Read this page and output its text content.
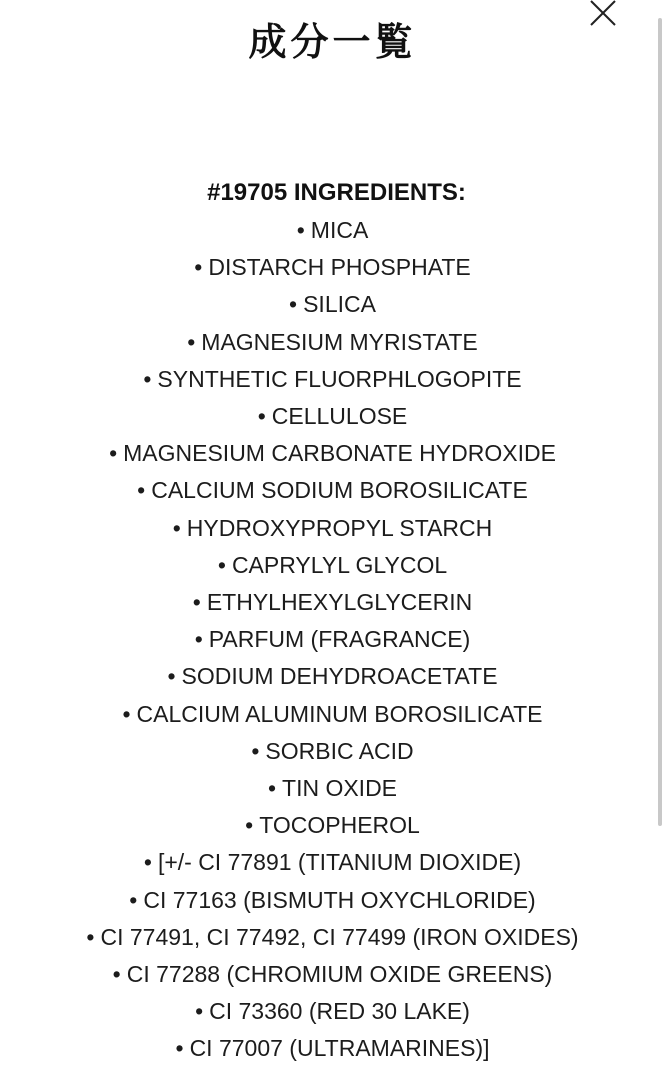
成分一覧

#19705 INGREDIENTS:

• MICA
• DISTARCH PHOSPHATE
• SILICA
• MAGNESIUM MYRISTATE
• SYNTHETIC FLUORPHLOGOPITE
• CELLULOSE
• MAGNESIUM CARBONATE HYDROXIDE
• CALCIUM SODIUM BOROSILICATE
• HYDROXYPROPYL STARCH
• CAPRYLYL GLYCOL
• ETHYLHEXYLGLYCERIN
• PARFUM (FRAGRANCE)
• SODIUM DEHYDROACETATE
• CALCIUM ALUMINUM BOROSILICATE
• SORBIC ACID
• TIN OXIDE
• TOCOPHEROL
• [+/- CI 77891 (TITANIUM DIOXIDE)
• CI 77163 (BISMUTH OXYCHLORIDE)
• CI 77491, CI 77492, CI 77499 (IRON OXIDES)
• CI 77288 (CHROMIUM OXIDE GREENS)
• CI 73360 (RED 30 LAKE)
• CI 77007 (ULTRAMARINES)]
